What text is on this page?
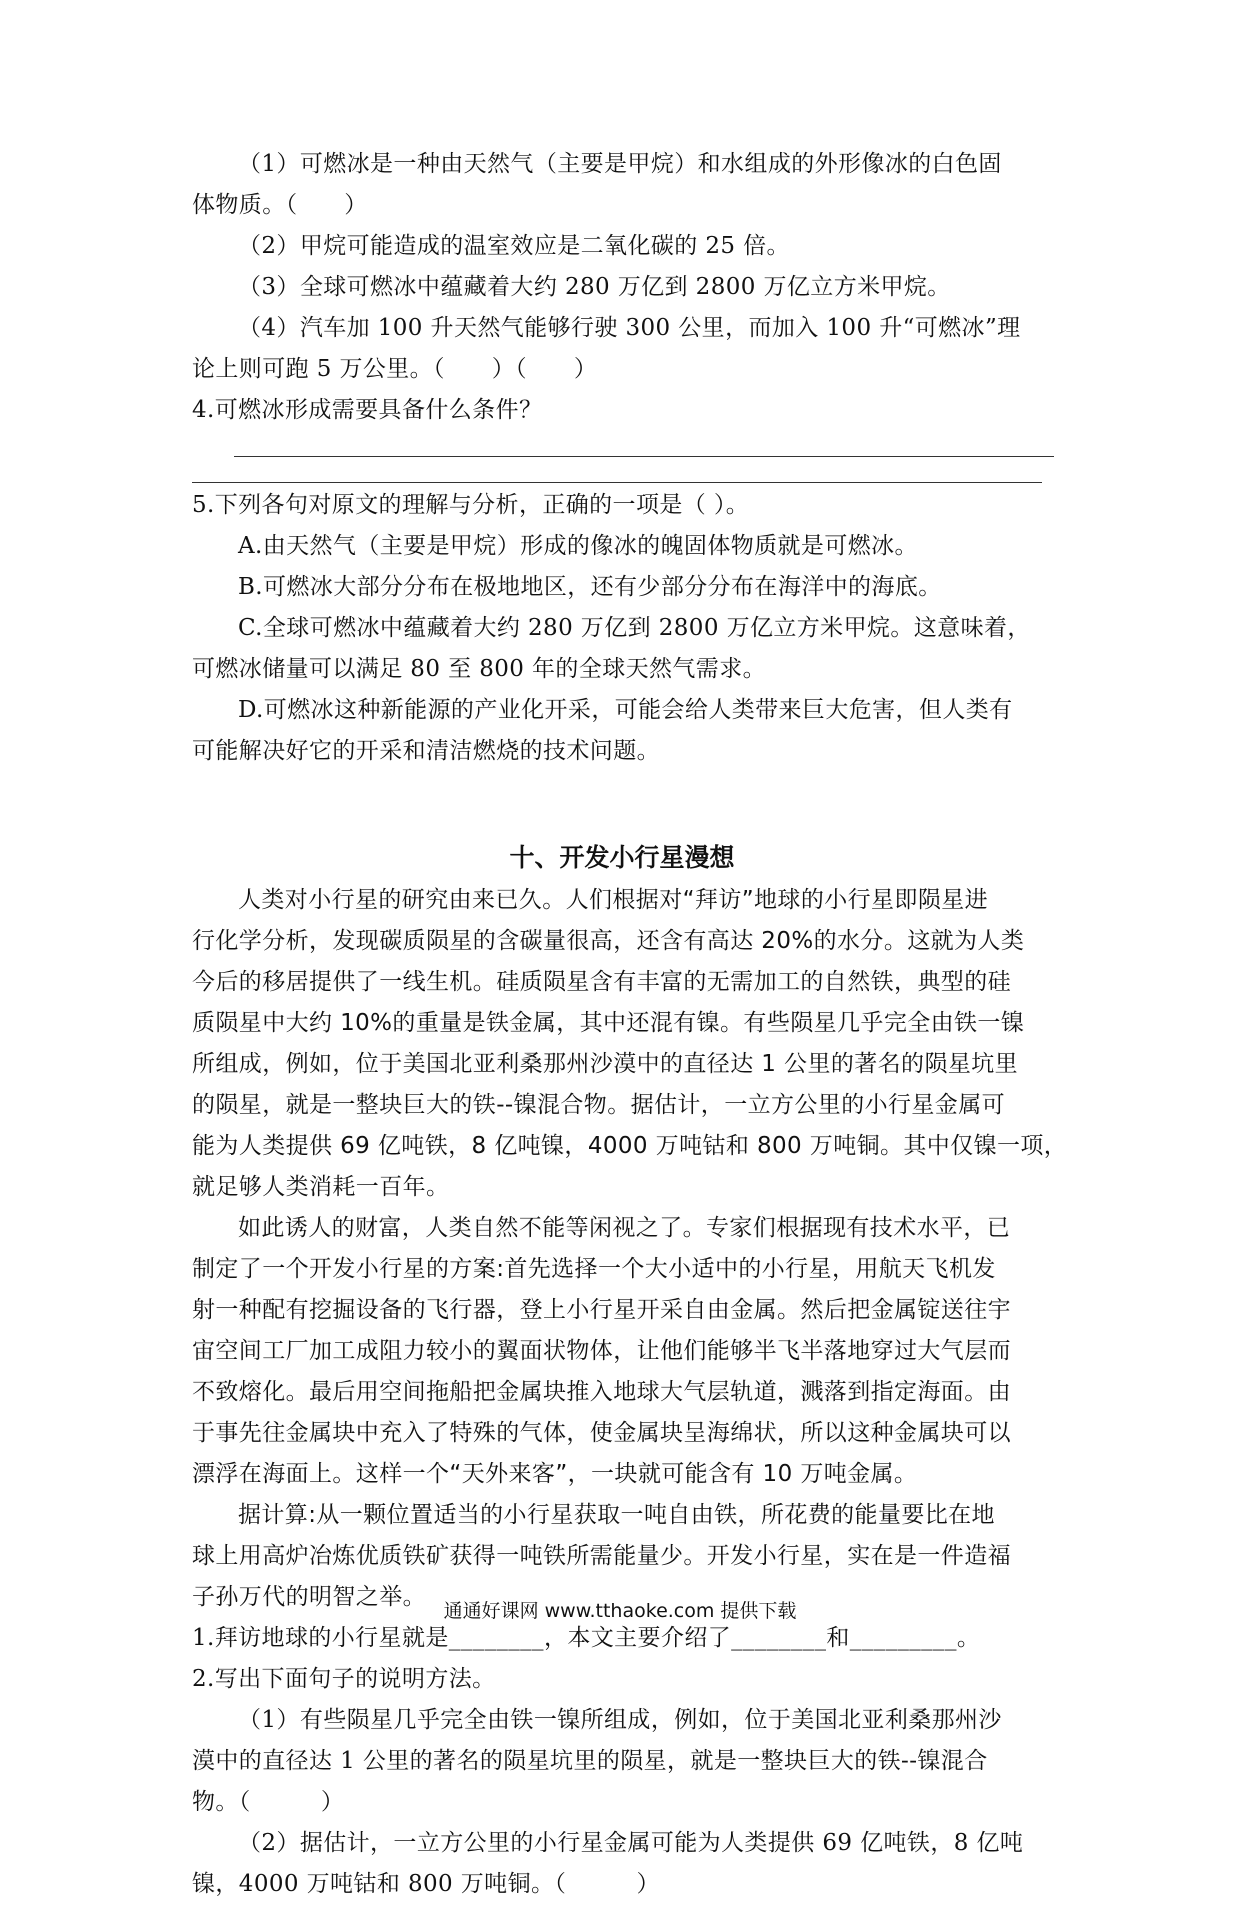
（1）可燃冰是一种由天然气（主要是甲烷）和水组成的外形像冰的白色固

体物质。（　　）

（2）甲烷可能造成的温室效应是二氧化碳的 25 倍。

（3）全球可燃冰中蕴藏着大约 280 万亿到 2800 万亿立方米甲烷。

（4）汽车加 100 升天然气能够行驶 300 公里，而加入 100 升“可燃冰”理

论上则可跑 5 万公里。（　　）（　　）

4.可燃冰形成需要具备什么条件？

5.下列各句对原文的理解与分析，正确的一项是（ ）。

A.由天然气（主要是甲烷）形成的像冰的魄固体物质就是可燃冰。

B.可燃冰大部分分布在极地地区，还有少部分分布在海洋中的海底。

C.全球可燃冰中蕴藏着大约 280 万亿到 2800 万亿立方米甲烷。这意味着，

可燃冰储量可以满足 80 至 800 年的全球天然气需求。

D.可燃冰这种新能源的产业化开采，可能会给人类带来巨大危害，但人类有

可能解决好它的开采和清洁燃烧的技术问题。

十、开发小行星漫想

人类对小行星的研究由来已久。人们根据对“拜访”地球的小行星即陨星进

行化学分析，发现碳质陨星的含碳量很高，还含有高达 20%的水分。这就为人类

今后的移居提供了一线生机。硅质陨星含有丰富的无需加工的自然铁，典型的硅

质陨星中大约 10%的重量是铁金属，其中还混有镍。有些陨星几乎完全由铁一镍

所组成，例如，位于美国北亚利桑那州沙漠中的直径达 1 公里的著名的陨星坑里

的陨星，就是一整块巨大的铁--镍混合物。据估计，一立方公里的小行星金属可

能为人类提供 69 亿吨铁，8 亿吨镍，4000 万吨钴和 800 万吨铜。其中仅镍一项，

就足够人类消耗一百年。

如此诱人的财富，人类自然不能等闲视之了。专家们根据现有技术水平，已

制定了一个开发小行星的方案:首先选择一个大小适中的小行星，用航天飞机发

射一种配有挖掘设备的飞行器，登上小行星开采自由金属。然后把金属锭送往宇

宙空间工厂加工成阻力较小的翼面状物体，让他们能够半飞半落地穿过大气层而

不致熔化。最后用空间拖船把金属块推入地球大气层轨道，溅落到指定海面。由

于事先往金属块中充入了特殊的气体，使金属块呈海绵状，所以这种金属块可以

漂浮在海面上。这样一个“天外来客”，一块就可能含有 10 万吨金属。

据计算:从一颗位置适当的小行星获取一吨自由铁，所花费的能量要比在地

球上用高炉冶炼优质铁矿获得一吨铁所需能量少。开发小行星，实在是一件造福

子孙万代的明智之举。

1.拜访地球的小行星就是________，本文主要介绍了________和_________。

2.写出下面句子的说明方法。

（1）有些陨星几乎完全由铁一镍所组成，例如，位于美国北亚利桑那州沙

漠中的直径达 1 公里的著名的陨星坑里的陨星，就是一整块巨大的铁--镍混合

物。（　　　）

（2）据估计，一立方公里的小行星金属可能为人类提供 69 亿吨铁，8 亿吨

镍，4000 万吨钴和 800 万吨铜。（　　　）

通通好课网 www.tthaoke.com 提供下载
